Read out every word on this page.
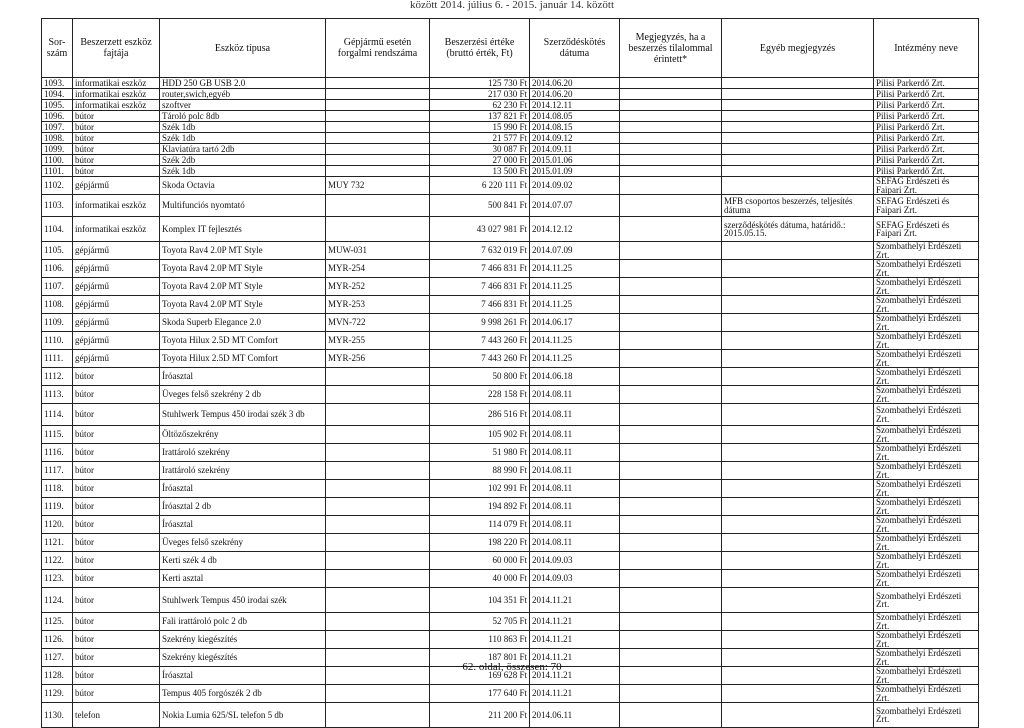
között 2014. július 6. - 2015. január 14. között
Sor-szám	Beszerzett eszköz fajtája	Eszköz típusa	Gépjármű esetén forgalmi rendszáma	Beszerzési értéke (bruttó érték, Ft)	Szerződéskötés dátuma	Megjegyzés, ha a beszerzés tilalommal érintett*	Egyéb megjegyzés	Intézmény neve
1093.	informatikai eszköz	HDD 250 GB USB 2.0		125 730 Ft	2014.06.20			Pilisi Parkerdő Zrt.
1094.	informatikai eszköz	router,swich,egyéb		217 030 Ft	2014.06.20			Pilisi Parkerdő Zrt.
1095.	informatikai eszköz	szoftver		62 230 Ft	2014.12.11			Pilisi Parkerdő Zrt.
1096.	bútor	Tároló polc 8db		137 821 Ft	2014.08.05			Pilisi Parkerdő Zrt.
1097.	bútor	Szék 1db		15 990 Ft	2014.08.15			Pilisi Parkerdő Zrt.
1098.	bútor	Szék 1db		21 577 Ft	2014.09.12			Pilisi Parkerdő Zrt.
1099.	bútor	Klaviatúra tartó 2db		30 087 Ft	2014.09.11			Pilisi Parkerdő Zrt.
1100.	bútor	Szék 2db		27 000 Ft	2015.01.06			Pilisi Parkerdő Zrt.
1101.	bútor	Szék 1db		13 500 Ft	2015.01.09			Pilisi Parkerdő Zrt.
1102.	gépjármű	Skoda Octavia	MUY 732	6 220 111 Ft	2014.09.02			SEFAG Erdészeti és Faipari Zrt.
1103.	informatikai eszköz	Multifunciós nyomtató		500 841 Ft	2014.07.07		MFB csoportos beszerzés, teljesítés dátuma	SEFAG Erdészeti és Faipari Zrt.
1104.	informatikai eszköz	Komplex IT fejlesztés		43 027 981 Ft	2014.12.12		szerződéskötés dátuma, határidő.: 2015.05.15.	SEFAG Erdészeti és Faipari Zrt.
1105.	gépjármű	Toyota Rav4 2.0P MT Style	MUW-031	7 632 019 Ft	2014.07.09			Szombathelyi Erdészeti Zrt.
1106.	gépjármű	Toyota Rav4 2.0P MT Style	MYR-254	7 466 831 Ft	2014.11.25			Szombathelyi Erdészeti Zrt.
1107.	gépjármű	Toyota Rav4 2.0P MT Style	MYR-252	7 466 831 Ft	2014.11.25			Szombathelyi Erdészeti Zrt.
1108.	gépjármű	Toyota Rav4 2.0P MT Style	MYR-253	7 466 831 Ft	2014.11.25			Szombathelyi Erdészeti Zrt.
1109.	gépjármű	Skoda Superb Elegance 2.0	MVN-722	9 998 261 Ft	2014.06.17			Szombathelyi Erdészeti Zrt.
1110.	gépjármű	Toyota Hilux 2.5D MT Comfort	MYR-255	7 443 260 Ft	2014.11.25			Szombathelyi Erdészeti Zrt.
1111.	gépjármű	Toyota Hilux 2.5D MT Comfort	MYR-256	7 443 260 Ft	2014.11.25			Szombathelyi Erdészeti Zrt.
1112.	bútor	Íróasztal		50 800 Ft	2014.06.18			Szombathelyi Erdészeti Zrt.
1113.	bútor	Üveges felső szekrény 2 db		228 158 Ft	2014.08.11			Szombathelyi Erdészeti Zrt.
1114.	bútor	Stuhlwerk Tempus 450 irodai szék 3 db		286 516 Ft	2014.08.11			Szombathelyi Erdészeti Zrt.
1115.	bútor	Öltözőszekrény		105 902 Ft	2014.08.11			Szombathelyi Erdészeti Zrt.
1116.	bútor	Irattároló szekrény		51 980 Ft	2014.08.11			Szombathelyi Erdészeti Zrt.
1117.	bútor	Irattároló szekrény		88 990 Ft	2014.08.11			Szombathelyi Erdészeti Zrt.
1118.	bútor	Íróasztal		102 991 Ft	2014.08.11			Szombathelyi Erdészeti Zrt.
1119.	bútor	Íróasztal 2 db		194 892 Ft	2014.08.11			Szombathelyi Erdészeti Zrt.
1120.	bútor	Íróasztal		114 079 Ft	2014.08.11			Szombathelyi Erdészeti Zrt.
1121.	bútor	Üveges felső szekrény		198 220 Ft	2014.08.11			Szombathelyi Erdészeti Zrt.
1122.	bútor	Kerti szék 4 db		60 000 Ft	2014.09.03			Szombathelyi Erdészeti Zrt.
1123.	bútor	Kerti asztal		40 000 Ft	2014.09.03			Szombathelyi Erdészeti Zrt.
1124.	bútor	Stuhlwerk Tempus 450 irodai szék		104 351 Ft	2014.11.21			Szombathelyi Erdészeti Zrt.
1125.	bútor	Fali irattároló polc 2 db		52 705 Ft	2014.11.21			Szombathelyi Erdészeti Zrt.
1126.	bútor	Szekrény kiegészítés		110 863 Ft	2014.11.21			Szombathelyi Erdészeti Zrt.
1127.	bútor	Szekrény kiegészítés		187 801 Ft	2014.11.21			Szombathelyi Erdészeti Zrt.
1128.	bútor	Íróasztal		169 628 Ft	2014.11.21			Szombathelyi Erdészeti Zrt.
1129.	bútor	Tempus 405 forgószék 2 db		177 640 Ft	2014.11.21			Szombathelyi Erdészeti Zrt.
1130.	telefon	Nokia Lumia 625/SL telefon 5 db		211 200 Ft	2014.06.11			Szombathelyi Erdészeti Zrt.
62. oldal, összesen: 70
